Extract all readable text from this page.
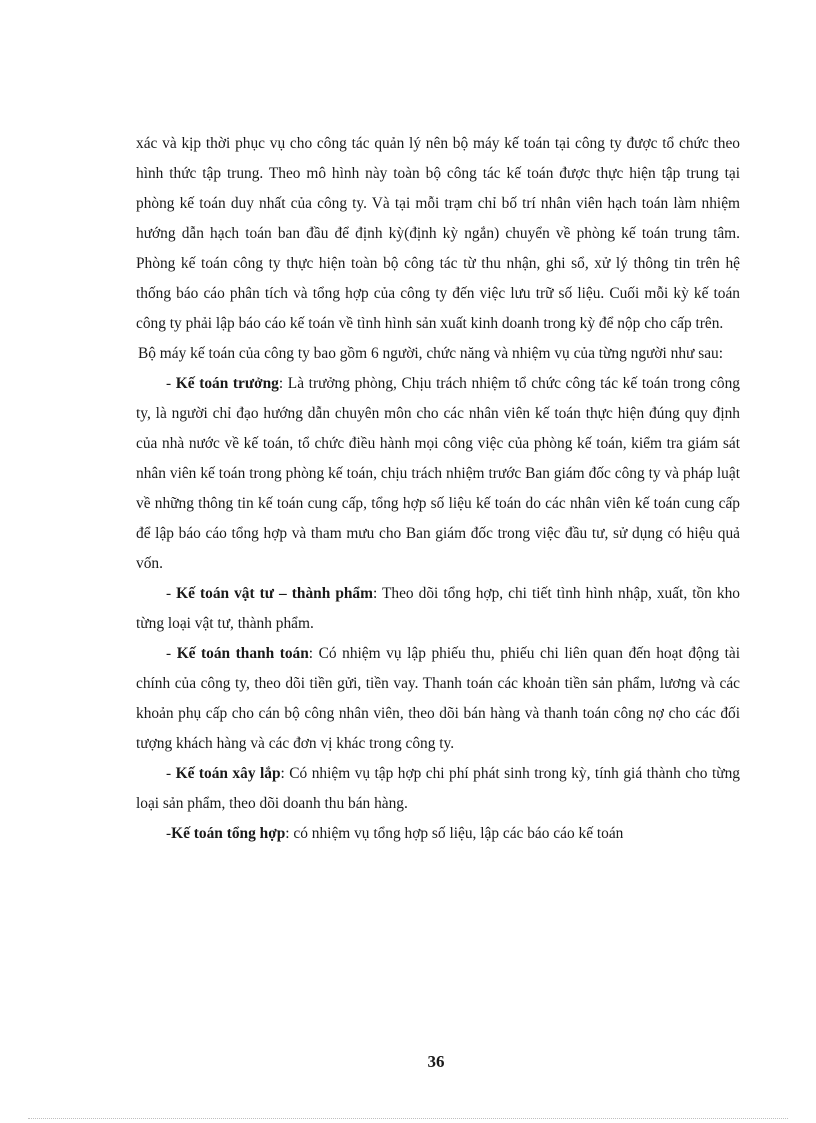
xác và kịp thời phục vụ cho công tác quản lý nên bộ máy kế toán tại công ty được tổ chức theo hình thức tập trung. Theo mô hình này toàn bộ công tác kế toán được thực hiện tập trung tại phòng kế toán duy nhất của công ty. Và tại mỗi trạm chỉ bố trí nhân viên hạch toán làm nhiệm hướng dẫn hạch toán ban đầu để định kỳ(định kỳ ngắn) chuyển về phòng kế toán trung tâm. Phòng kế toán công ty thực hiện toàn bộ công tác từ thu nhận, ghi sổ, xử lý thông tin trên hệ thống báo cáo phân tích và tổng hợp của công ty đến việc lưu trữ số liệu. Cuối mỗi kỳ kế toán công ty phải lập báo cáo kế toán về tình hình sản xuất kinh doanh trong kỳ để nộp cho cấp trên.

Bộ máy kế toán của công ty bao gồm 6 người, chức năng và nhiệm vụ của từng người như sau:

- Kế toán trưởng: Là trưởng phòng, Chịu trách nhiệm tổ chức công tác kế toán trong công ty, là người chỉ đạo hướng dẫn chuyên môn cho các nhân viên kế toán thực hiện đúng quy định của nhà nước về kế toán, tổ chức điều hành mọi công việc của phòng kế toán, kiểm tra giám sát nhân viên kế toán trong phòng kế toán, chịu trách nhiệm trước Ban giám đốc công ty và pháp luật về những thông tin kế toán cung cấp, tổng hợp số liệu kế toán do các nhân viên kế toán cung cấp để lập báo cáo tổng hợp và tham mưu cho Ban giám đốc trong việc đầu tư, sử dụng có hiệu quả vốn.

- Kế toán vật tư – thành phẩm: Theo dõi tổng hợp, chi tiết tình hình nhập, xuất, tồn kho từng loại vật tư, thành phẩm.

- Kế toán thanh toán: Có nhiệm vụ lập phiếu thu, phiếu chi liên quan đến hoạt động tài chính của công ty, theo dõi tiền gửi, tiền vay. Thanh toán các khoản tiền sản phẩm, lương và các khoản phụ cấp cho cán bộ công nhân viên, theo dõi bán hàng và thanh toán công nợ cho các đối tượng khách hàng và các đơn vị khác trong công ty.

- Kế toán xây lắp: Có nhiệm vụ tập hợp chi phí phát sinh trong kỳ, tính giá thành cho từng loại sản phẩm, theo dõi doanh thu bán hàng.

-Kế toán tổng hợp: có nhiệm vụ tổng hợp số liệu, lập các báo cáo kế toán

36
